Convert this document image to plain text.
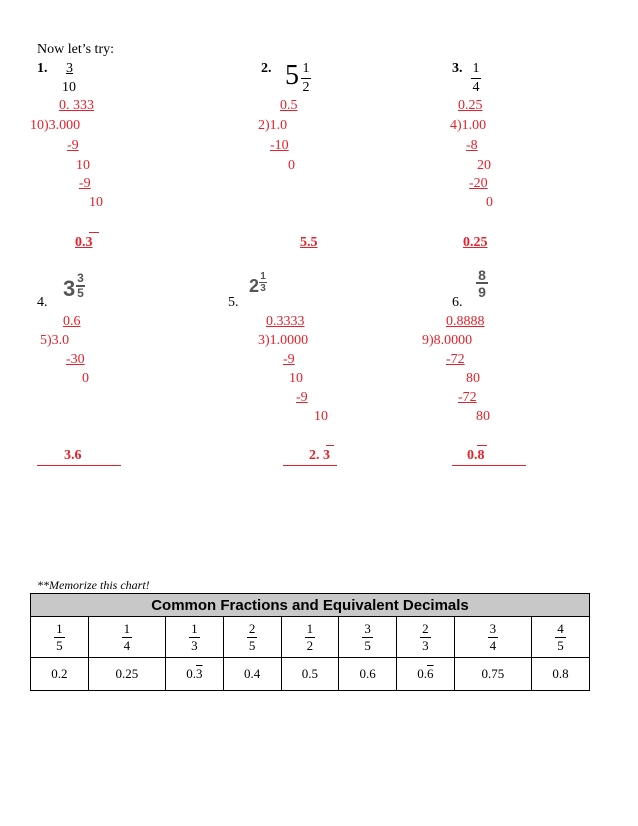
Now let’s try:
1. 3
10
0. 333
10)3.000
-9
10
-9
10
0.3
2. 5 1
2
0.5
2)1.0
-10
0
5.5
3. 1
4
0.25
4)1.00
-8
20
-20
0
0.25
3 3
5
4.
0.6
5)3.0
-30
0
3.6
2 1
3
5.
0.3333
3)1.0000
-9
10
-9
10
2. 3
8
9
6.
0.8888
9)8.0000
-72
80
-72
80
0.8
**Memorize this chart!
Common Fractions and Equivalent Decimals								

$\frac{1}{5}$	$\frac{1}{4}$	$\frac{1}{3}$	$\frac{2}{5}$	$\frac{1}{2}$	$\frac{3}{5}$	$\frac{2}{3}$	$\frac{3}{4}$	$\frac{4}{5}$

0.2	0.25	0.3	0.4	0.5	0.6	0.6	0.75	0.8
